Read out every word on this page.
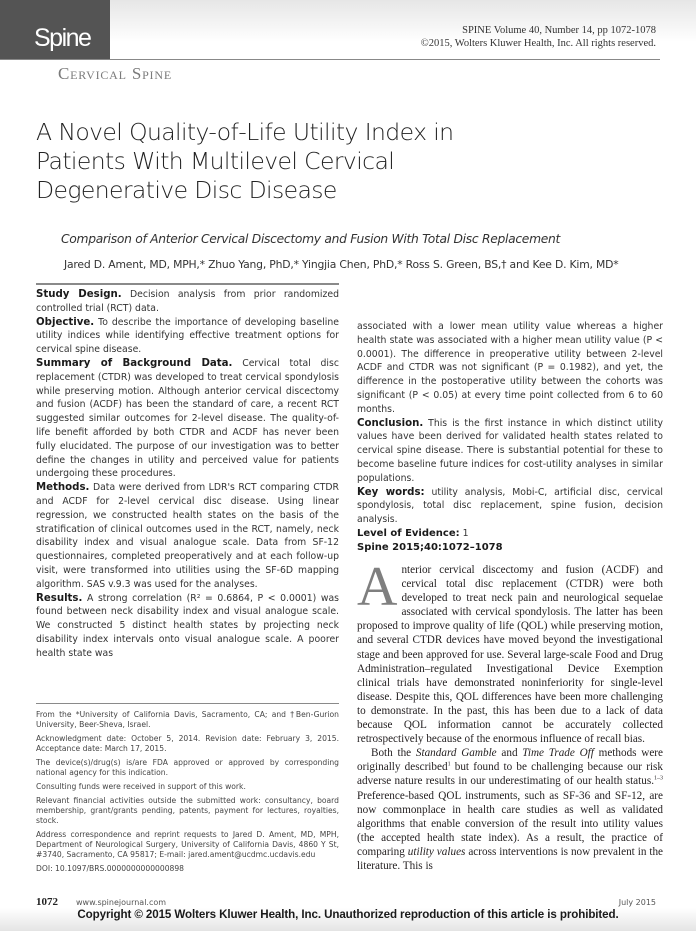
Spine
Cervical Spine
SPINE Volume 40, Number 14, pp 1072-1078
©2015, Wolters Kluwer Health, Inc. All rights reserved.
A Novel Quality-of-Life Utility Index in
Patients With Multilevel Cervical
Degenerative Disc Disease
Comparison of Anterior Cervical Discectomy and Fusion With Total Disc Replacement
Jared D. Ament, MD, MPH,* Zhuo Yang, PhD,* Yingjia Chen, PhD,* Ross S. Green, BS,† and Kee D. Kim, MD*

Study Design. Decision analysis from prior randomized controlled trial (RCT) data.

Objective. To describe the importance of developing baseline utility indices while identifying effective treatment options for cervical spine disease.

Summary of Background Data. Cervical total disc replacement (CTDR) was developed to treat cervical spondylosis while preserving motion. Although anterior cervical discectomy and fusion (ACDF) has been the standard of care, a recent RCT suggested similar outcomes for 2-level disease. The quality-of-life benefit afforded by both CTDR and ACDF has never been fully elucidated. The purpose of our investigation was to better define the changes in utility and perceived value for patients undergoing these procedures.

Methods. Data were derived from LDR's RCT comparing CTDR and ACDF for 2-level cervical disc disease. Using linear regression, we constructed health states on the basis of the stratification of clinical outcomes used in the RCT, namely, neck disability index and visual analogue scale. Data from SF-12 questionnaires, completed preoperatively and at each follow-up visit, were transformed into utilities using the SF-6D mapping algorithm. SAS v.9.3 was used for the analyses.

Results. A strong correlation (R² = 0.6864, P < 0.0001) was found between neck disability index and visual analogue scale. We constructed 5 distinct health states by projecting neck disability index intervals onto visual analogue scale. A poorer health state was

associated with a lower mean utility value whereas a higher health state was associated with a higher mean utility value (P < 0.0001). The difference in preoperative utility between 2-level ACDF and CTDR was not significant (P = 0.1982), and yet, the difference in the postoperative utility between the cohorts was significant (P < 0.05) at every time point collected from 6 to 60 months.

Conclusion. This is the first instance in which distinct utility values have been derived for validated health states related to cervical spine disease. There is substantial potential for these to become baseline future indices for cost-utility analyses in similar populations.

Key words: utility analysis, Mobi-C, artificial disc, cervical spondylosis, total disc replacement, spine fusion, decision analysis.

Level of Evidence: 1

Spine 2015;40:1072–1078

From the *University of California Davis, Sacramento, CA; and †Ben-Gurion University, Beer-Sheva, Israel.

Acknowledgment date: October 5, 2014. Revision date: February 3, 2015. Acceptance date: March 17, 2015.

The device(s)/drug(s) is/are FDA approved or approved by corresponding national agency for this indication.

Consulting funds were received in support of this work.

Relevant financial activities outside the submitted work: consultancy, board membership, grant/grants pending, patents, payment for lectures, royalties, stock.

Address correspondence and reprint requests to Jared D. Ament, MD, MPH, Department of Neurological Surgery, University of California Davis, 4860 Y St, #3740, Sacramento, CA 95817; E-mail: jared.ament@ucdmc.ucdavis.edu

DOI: 10.1097/BRS.0000000000000898

Anterior cervical discectomy and fusion (ACDF) and cervical total disc replacement (CTDR) were both developed to treat neck pain and neurological sequelae associated with cervical spondylosis. The latter has been proposed to improve quality of life (QOL) while preserving motion, and several CTDR devices have moved beyond the investigational stage and been approved for use. Several large-scale Food and Drug Administration–regulated Investigational Device Exemption clinical trials have demonstrated noninferiority for single-level disease. Despite this, QOL differences have been more challenging to demonstrate. In the past, this has been due to a lack of data because QOL information cannot be accurately collected retrospectively because of the enormous influence of recall bias.

Both the Standard Gamble and Time Trade Off methods were originally described$^1$ but found to be challenging because our risk adverse nature results in our underestimating of our health status.$^{1-3}$ Preference-based QOL instruments, such as SF-36 and SF-12, are now commonplace in health care studies as well as validated algorithms that enable conversion of the result into utility values (the accepted health state index). As a result, the practice of comparing utility values across interventions is now prevalent in the literature. This is

1072 www.spinejournal.com	July 2015
Copyright © 2015 Wolters Kluwer Health, Inc. Unauthorized reproduction of this article is prohibited.
